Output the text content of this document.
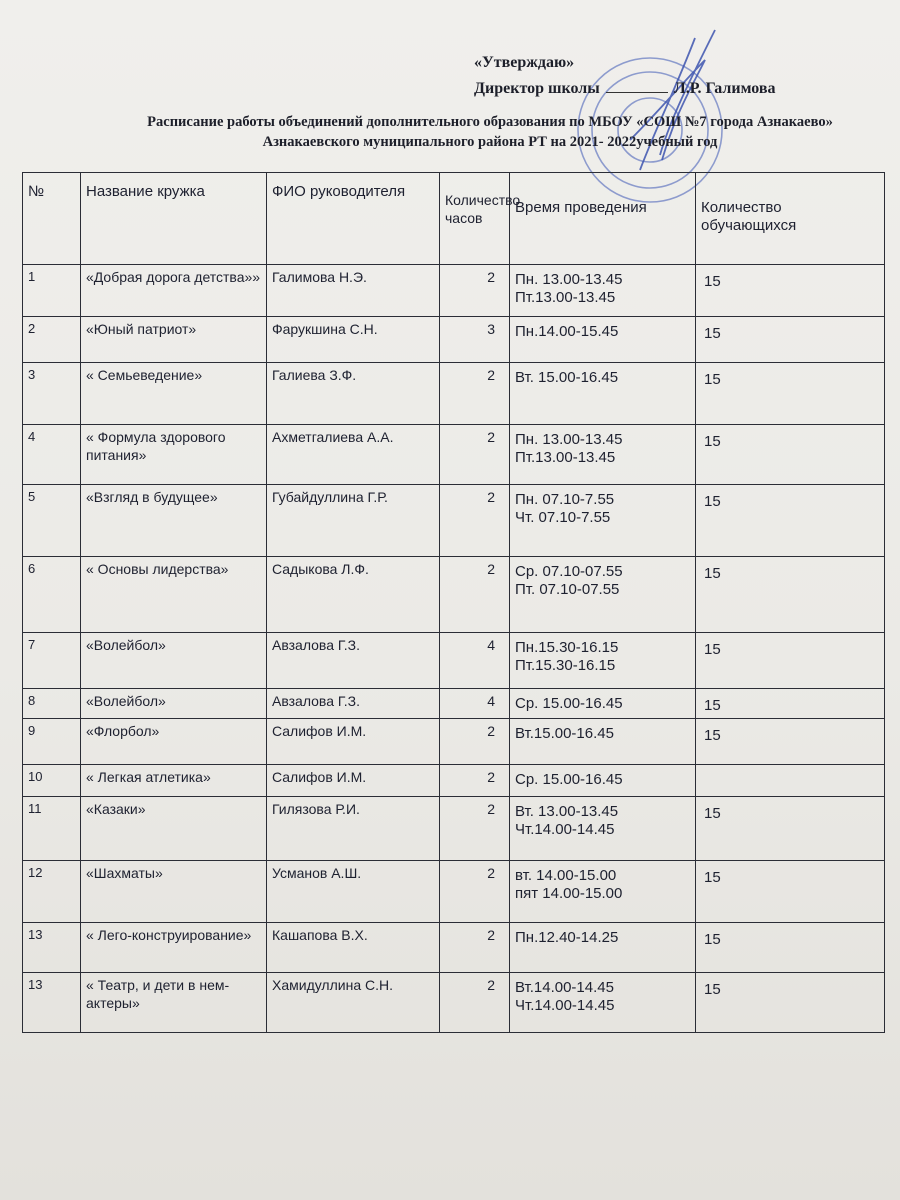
«Утверждаю»
Директор школы	Л.Р. Галимова
Расписание работы объединений дополнительного образования по МБОУ «СОШ №7 города Азнакаево» Азнакаевского муниципального района РТ на 2021- 2022учебный год
№	Название кружка	ФИО руководителя	Количество часов	Время проведения	Количество обучающихся
1	«Добрая дорога детства»»	Галимова Н.Э.	2	Пн. 13.00-13.45
Пт.13.00-13.45	15
2	«Юный патриот»	Фарукшина С.Н.	3	Пн.14.00-15.45	15
3	« Семьеведение»	Галиева З.Ф.	2	Вт. 15.00-16.45	15
4	« Формула здорового питания»	Ахметгалиева А.А.	2	Пн. 13.00-13.45
Пт.13.00-13.45	15
5	«Взгляд в будущее»	Губайдуллина Г.Р.	2	Пн. 07.10-7.55
Чт. 07.10-7.55	15
6	« Основы лидерства»	Садыкова Л.Ф.	2	Ср. 07.10-07.55
Пт. 07.10-07.55	15
7	«Волейбол»	Авзалова Г.З.	4	Пн.15.30-16.15
Пт.15.30-16.15	15
8	«Волейбол»	Авзалова Г.З.	4	Ср. 15.00-16.45	15
9	«Флорбол»	Салифов И.М.	2	Вт.15.00-16.45	15
10	« Легкая атлетика»	Салифов И.М.	2	Ср. 15.00-16.45	

11	«Казаки»	Гилязова Р.И.	2	Вт. 13.00-13.45
Чт.14.00-14.45	15
12	«Шахматы»	Усманов А.Ш.	2	вт. 14.00-15.00
пят 14.00-15.00	15
13	« Лего-конструирование»	Кашапова В.Х.	2	Пн.12.40-14.25	15
13	« Театр, и дети в нем- актеры»	Хамидуллина С.Н.	2	Вт.14.00-14.45
Чт.14.00-14.45	15
